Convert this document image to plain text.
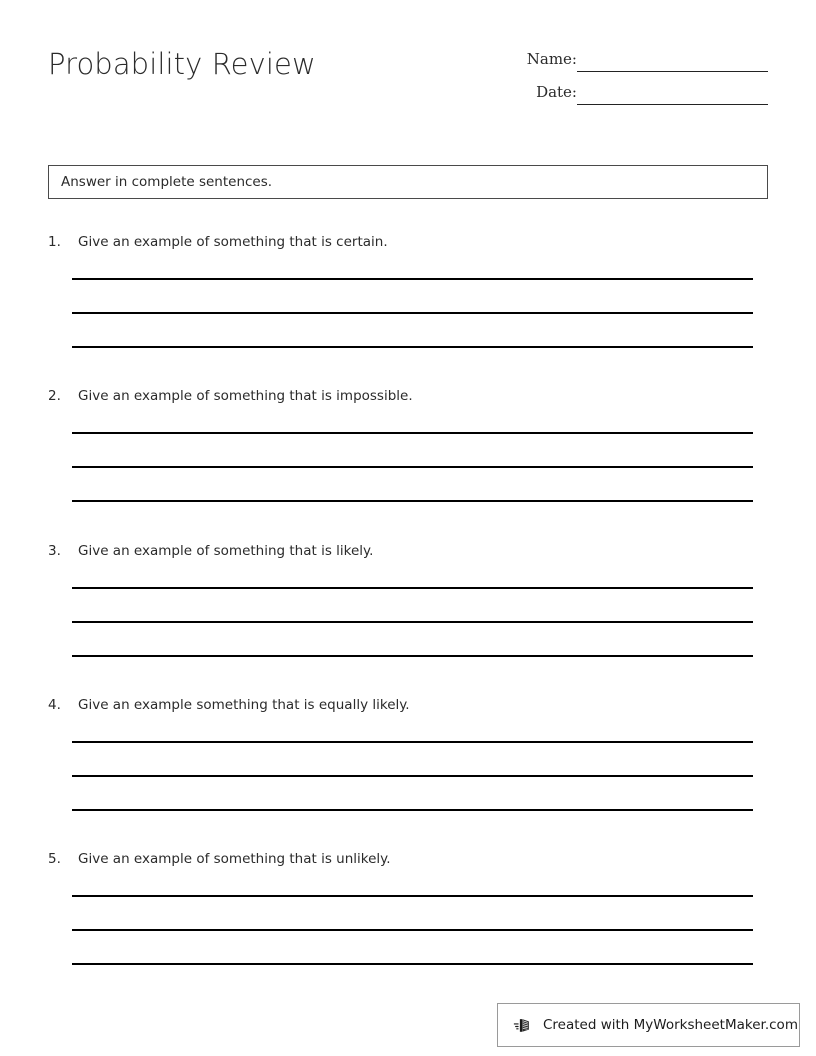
Probability Review	Name:
Date:
Answer in complete sentences.
1. Give an example of something that is certain.
2. Give an example of something that is impossible.
3. Give an example of something that is likely.
4. Give an example something that is equally likely.
5. Give an example of something that is unlikely.
Created with MyWorksheetMaker.com
